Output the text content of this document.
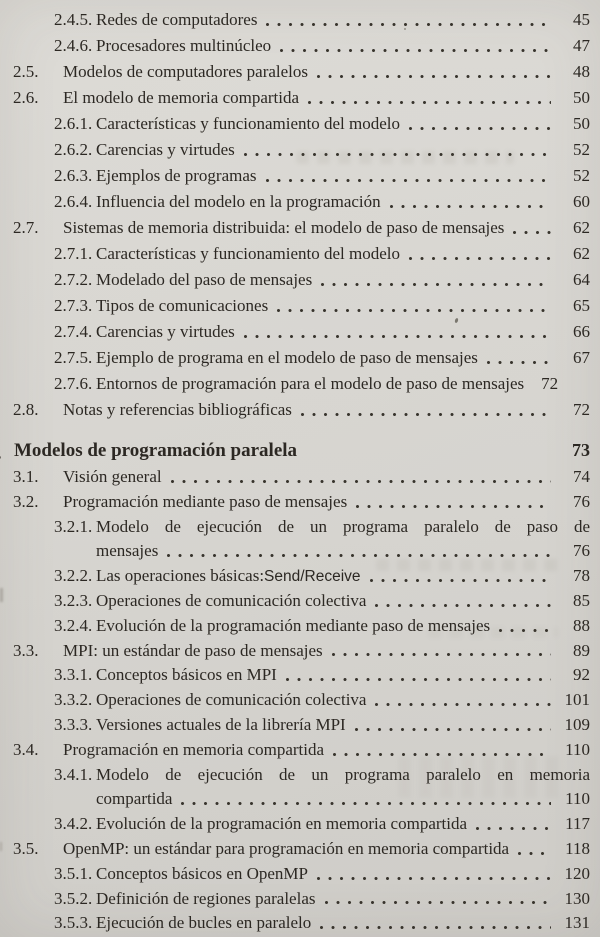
2.4.5. Redes de computadores	45
2.4.6. Procesadores multinúcleo	47
2.5.	Modelos de computadores paralelos	48
2.6.	El modelo de memoria compartida	50
2.6.1. Características y funcionamiento del modelo	50
2.6.2. Carencias y virtudes	52
2.6.3. Ejemplos de programas	52
2.6.4. Influencia del modelo en la programación	60
2.7.	Sistemas de memoria distribuida: el modelo de paso de mensajes	62
2.7.1. Características y funcionamiento del modelo	62
2.7.2. Modelado del paso de mensajes	64
2.7.3. Tipos de comunicaciones	65
2.7.4. Carencias y virtudes	66
2.7.5. Ejemplo de programa en el modelo de paso de mensajes	67
2.7.6. Entornos de programación para el modelo de paso de mensajes	72
2.8.	Notas y referencias bibliográficas	72
Modelos de programación paralela	73
3.1.	Visión general	74
3.2.	Programación mediante paso de mensajes	76
3.2.1. Modelo de ejecución de un programa paralelo de paso de
mensajes	76
3.2.2. Las operaciones básicas: Send/Receive	78
3.2.3. Operaciones de comunicación colectiva	85
3.2.4. Evolución de la programación mediante paso de mensajes	88
3.3.	MPI: un estándar de paso de mensajes	89
3.3.1. Conceptos básicos en MPI	92
3.3.2. Operaciones de comunicación colectiva	101
3.3.3. Versiones actuales de la librería MPI	109
3.4.	Programación en memoria compartida	110
3.4.1. Modelo de ejecución de un programa paralelo en memoria
compartida	110
3.4.2. Evolución de la programación en memoria compartida	117
3.5.	OpenMP: un estándar para programación en memoria compartida	118
3.5.1. Conceptos básicos en OpenMP	120
3.5.2. Definición de regiones paralelas	130
3.5.3. Ejecución de bucles en paralelo	131
